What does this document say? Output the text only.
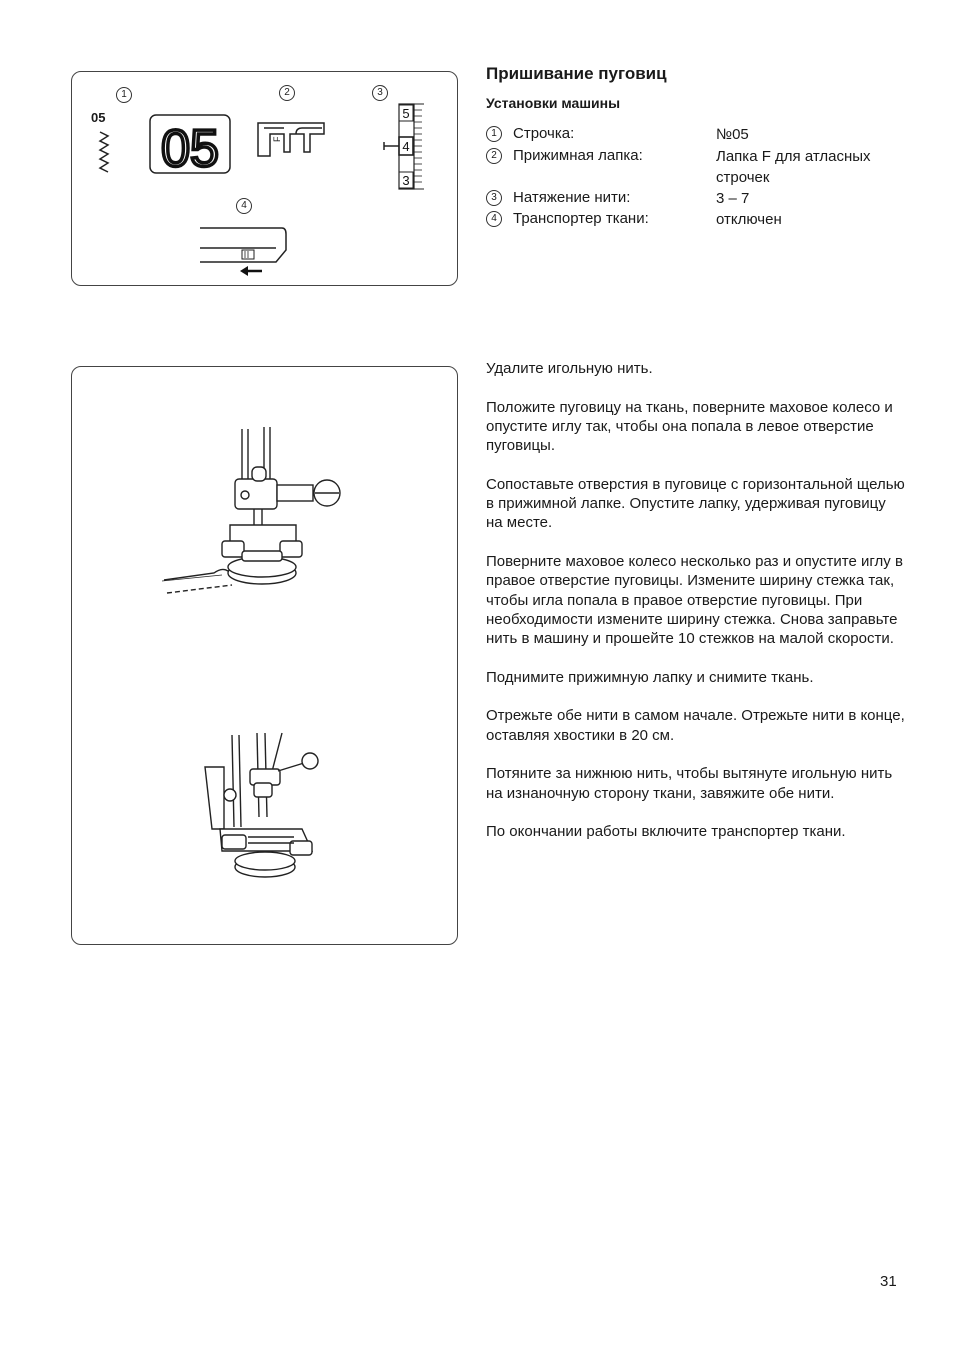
1	2	3
4
05
05	F
5
4
3
Пришивание пуговиц
Установки машины
1	Строчка:	№05
2	Прижимная лапка:	Лапка F для атласных строчек
3	Натяжение нити:	3 – 7
4	Транспортер ткани:	отключен

Удалите игольную нить.

Положите пуговицу на ткань, поверните маховое колесо и опустите иглу так, чтобы она попала в левое отверстие пуговицы.

Сопоставьте отверстия в пуговице с горизонтальной щелью в прижимной лапке. Опустите лапку, удерживая пуговицу на месте.

Поверните маховое колесо несколько раз и опустите иглу в правое отверстие пуговицы. Измените ширину стежка так, чтобы игла попала в правое отверстие пуговицы. При необходимости измените ширину стежка. Снова заправьте нить в машину и прошейте 10 стежков на малой скорости.

Поднимите прижимную лапку и снимите ткань.

Отрежьте обе нити в самом начале. Отрежьте нити в конце, оставляя хвостики в 20 см.

Потяните за нижнюю нить, чтобы вытянуте игольную нить на изнаночную сторону ткани, завяжите обе нити.

По окончании работы включите транспортер ткани.

31
